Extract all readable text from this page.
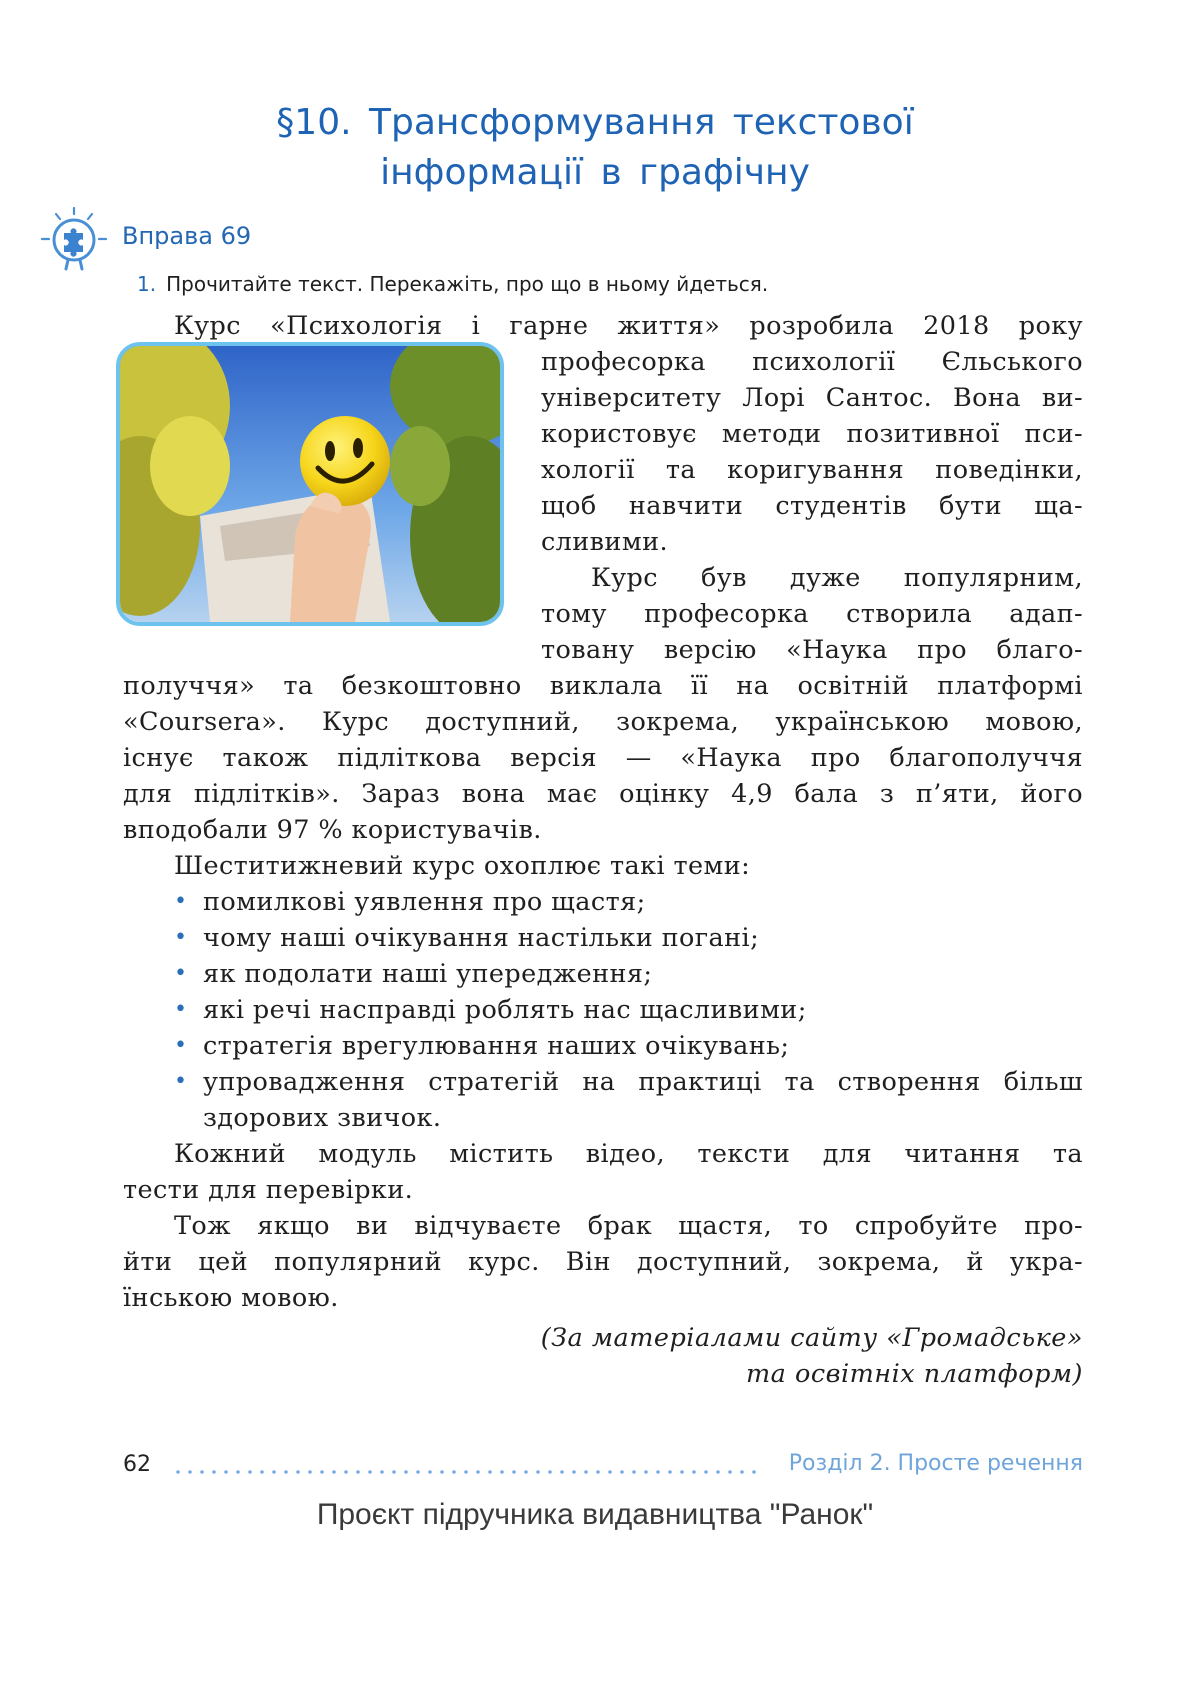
§10. Трансформування текстової
інформації в графічну
Вправа 69
1. Прочитайте текст. Перекажіть, про що в ньому йдеться.
Курс «Психологія і гарне життя» розробила 2018 року
професорка психології Єльського
університету Лорі Сантос. Вона ви-
користовує методи позитивної пси-
хології та коригування поведінки,
щоб навчити студентів бути ща-
сливими.
Курс був дуже популярним,
тому професорка створила адап-
товану версію «Наука про благо-
получчя» та безкоштовно виклала її на освітній платформі
«Coursera». Курс доступний, зокрема, українською мовою,
існує також підліткова версія — «Наука про благополуччя
для підлітків». Зараз вона має оцінку 4,9 бала з п’яти, його
вподобали 97 % користувачів.
Шеститижневий курс охоплює такі теми:
• помилкові уявлення про щастя;
• чому наші очікування настільки погані;
• як подолати наші упередження;
• які речі насправді роблять нас щасливими;
• стратегія врегулювання наших очікувань;
• упровадження стратегій на практиці та створення більш
здорових звичок.
Кожний модуль містить відео, тексти для читання та
тести для перевірки.
Тож якщо ви відчуваєте брак щастя, то спробуйте про-
йти цей популярний курс. Він доступний, зокрема, й укра-
їнською мовою.
(За матеріалами сайту «Громадське»
та освітніх платформ)
62	Розділ 2. Просте речення
Проєкт підручника видавництва "Ранок"
